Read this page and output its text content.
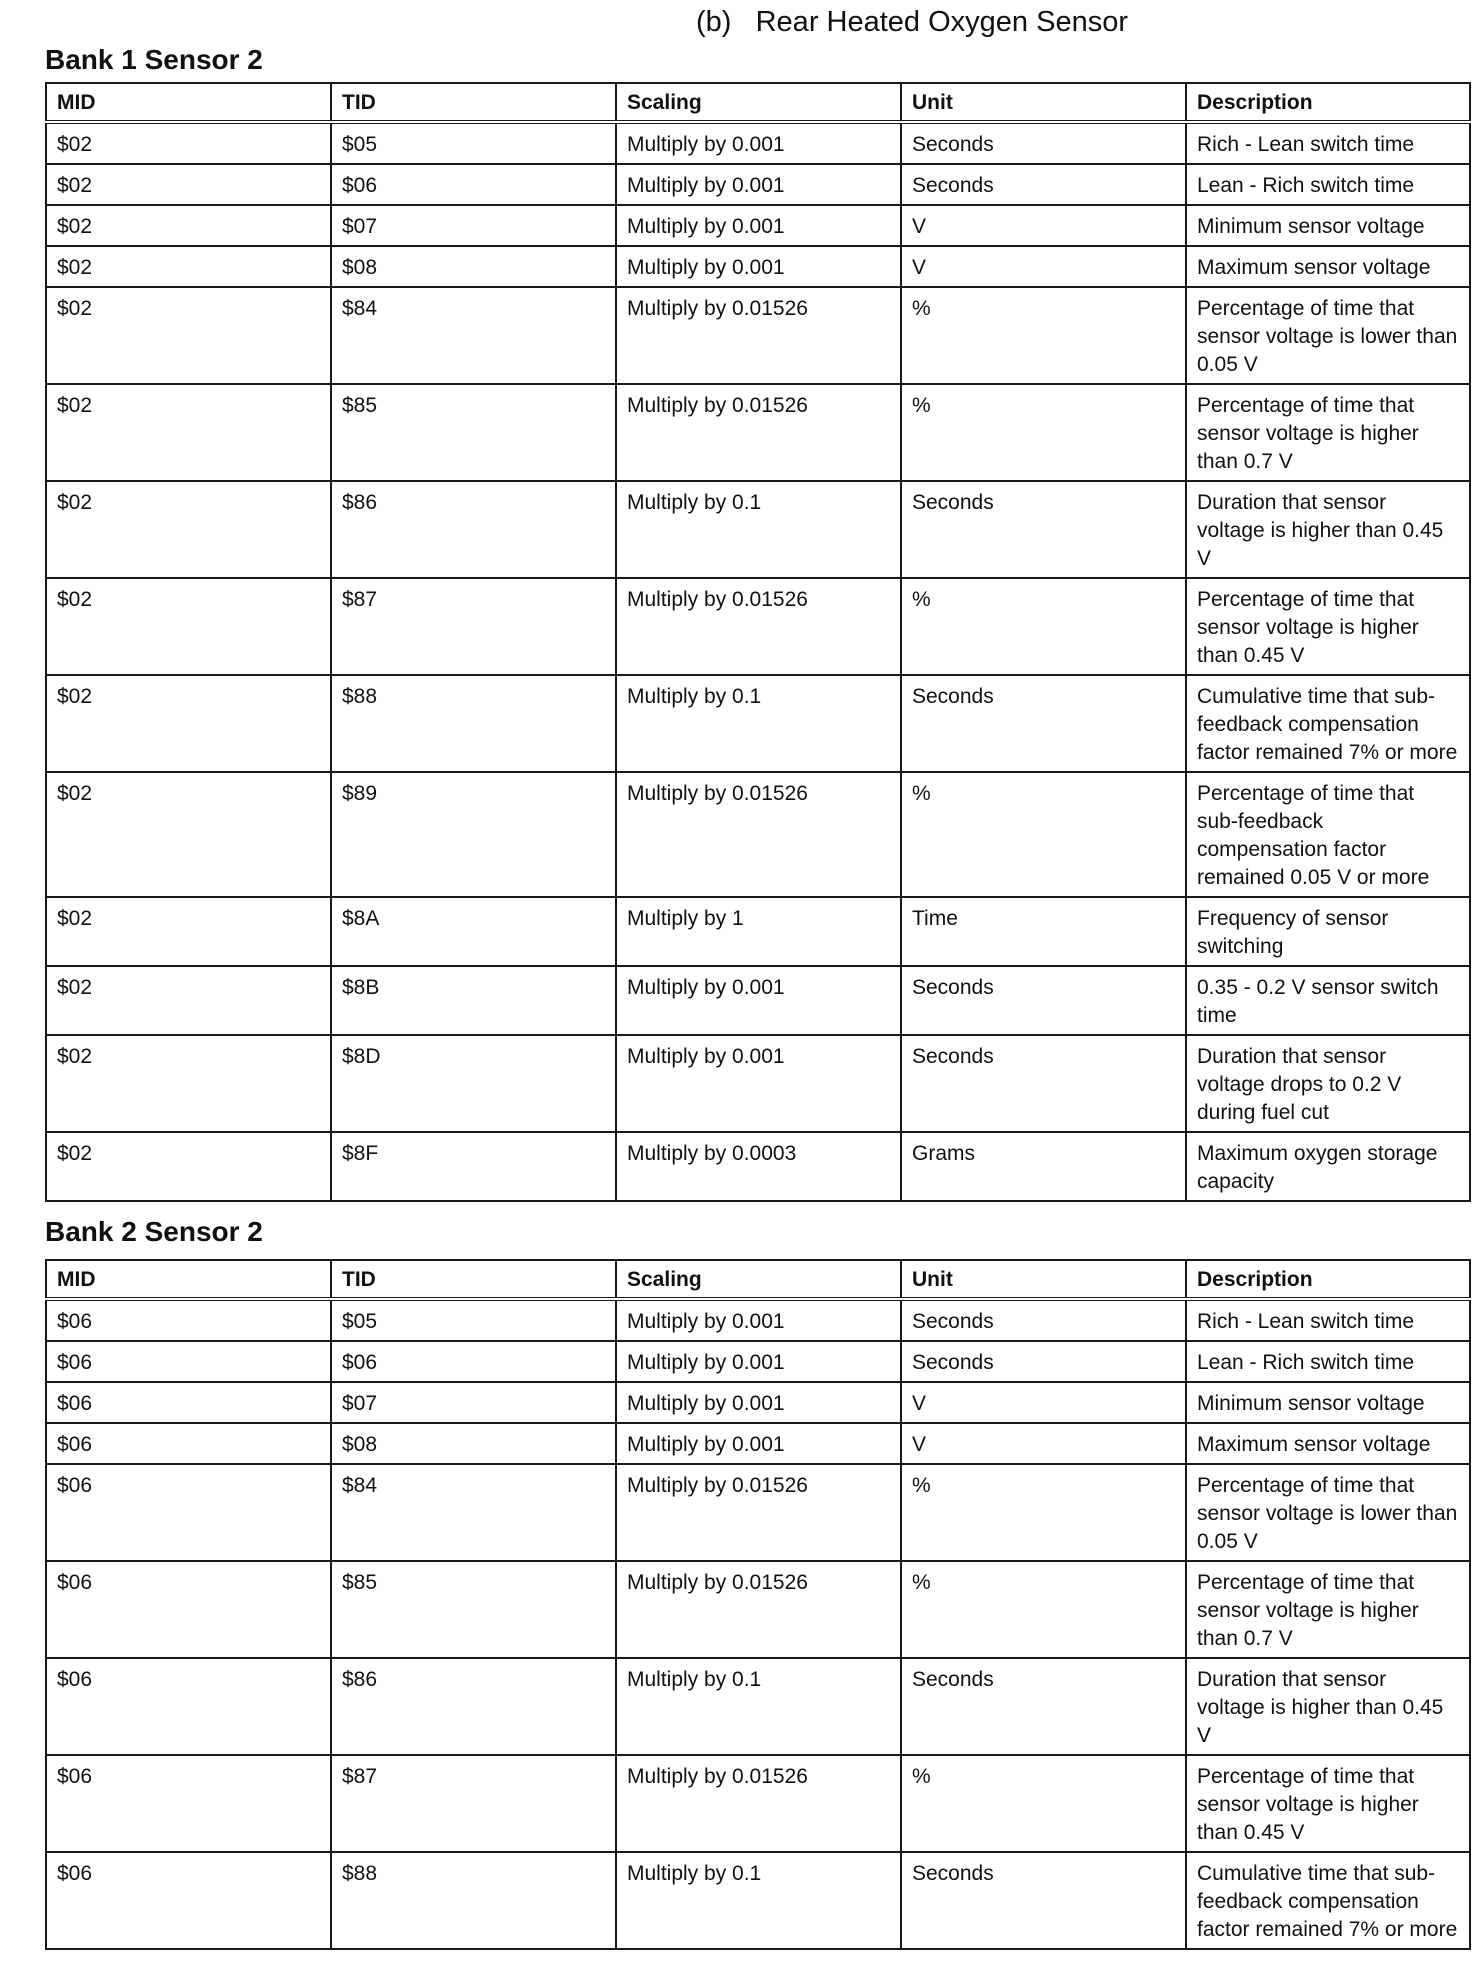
(b)   Rear Heated Oxygen Sensor
Bank 1 Sensor 2
MID	TID	Scaling	Unit	Description
$02	$05	Multiply by 0.001	Seconds	Rich - Lean switch time
$02	$06	Multiply by 0.001	Seconds	Lean - Rich switch time
$02	$07	Multiply by 0.001	V	Minimum sensor voltage
$02	$08	Multiply by 0.001	V	Maximum sensor voltage
$02	$84	Multiply by 0.01526	%	Percentage of time that sensor voltage is lower than 0.05 V
$02	$85	Multiply by 0.01526	%	Percentage of time that sensor voltage is higher than 0.7 V
$02	$86	Multiply by 0.1	Seconds	Duration that sensor voltage is higher than 0.45 V
$02	$87	Multiply by 0.01526	%	Percentage of time that sensor voltage is higher than 0.45 V
$02	$88	Multiply by 0.1	Seconds	Cumulative time that sub-feedback compensation factor remained 7% or more
$02	$89	Multiply by 0.01526	%	Percentage of time that sub-feedback compensation factor remained 0.05 V or more
$02	$8A	Multiply by 1	Time	Frequency of sensor switching
$02	$8B	Multiply by 0.001	Seconds	0.35 - 0.2 V sensor switch time
$02	$8D	Multiply by 0.001	Seconds	Duration that sensor voltage drops to 0.2 V during fuel cut
$02	$8F	Multiply by 0.0003	Grams	Maximum oxygen storage capacity
Bank 2 Sensor 2
MID	TID	Scaling	Unit	Description
$06	$05	Multiply by 0.001	Seconds	Rich - Lean switch time
$06	$06	Multiply by 0.001	Seconds	Lean - Rich switch time
$06	$07	Multiply by 0.001	V	Minimum sensor voltage
$06	$08	Multiply by 0.001	V	Maximum sensor voltage
$06	$84	Multiply by 0.01526	%	Percentage of time that sensor voltage is lower than 0.05 V
$06	$85	Multiply by 0.01526	%	Percentage of time that sensor voltage is higher than 0.7 V
$06	$86	Multiply by 0.1	Seconds	Duration that sensor voltage is higher than 0.45 V
$06	$87	Multiply by 0.01526	%	Percentage of time that sensor voltage is higher than 0.45 V
$06	$88	Multiply by 0.1	Seconds	Cumulative time that sub-feedback compensation factor remained 7% or more
